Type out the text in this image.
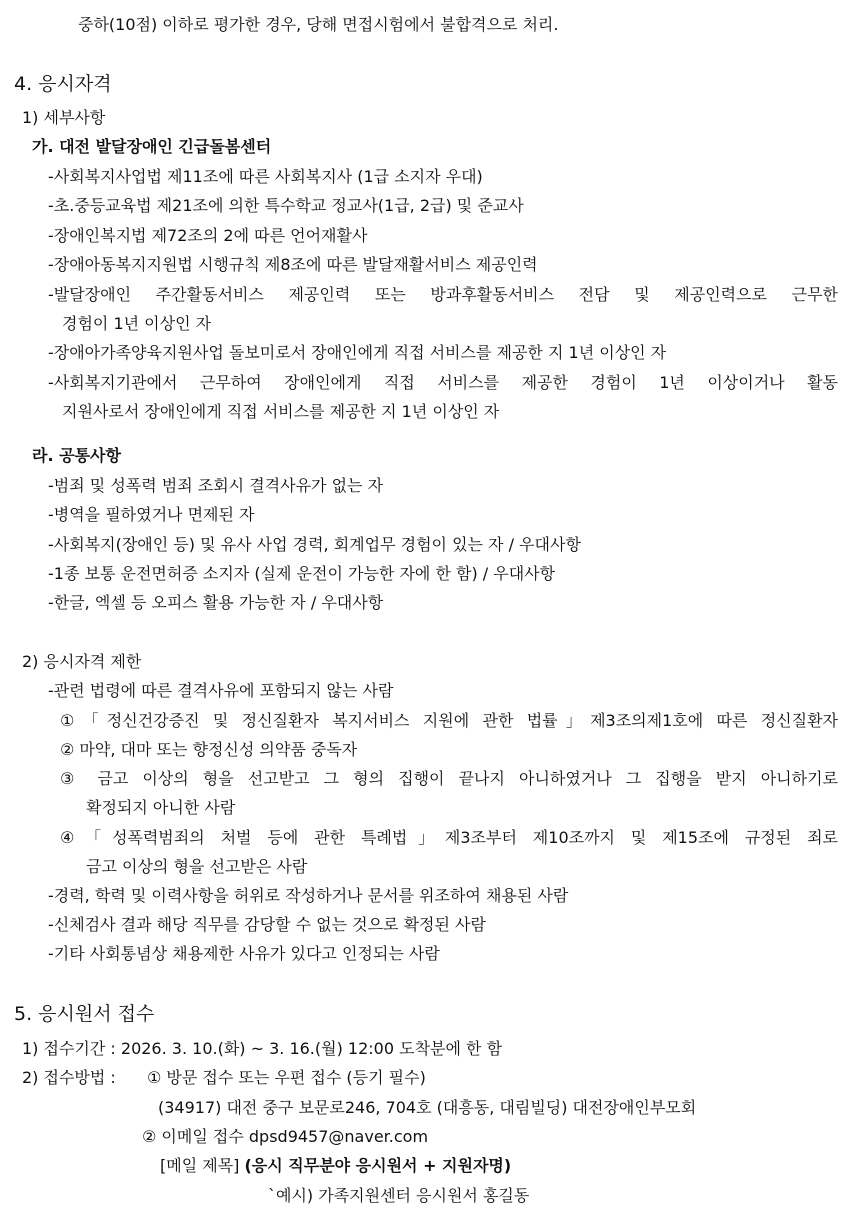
중하(10점) 이하로 평가한 경우, 당해 면접시험에서 불합격으로 처리.
4. 응시자격
1) 세부사항
가. 대전 발달장애인 긴급돌봄센터
-사회복지사업법 제11조에 따른 사회복지사 (1급 소지자 우대)
-초.중등교육법 제21조에 의한 특수학교 정교사(1급, 2급) 및 준교사
-장애인복지법 제72조의 2에 따른 언어재활사
-장애아동복지지원법 시행규칙 제8조에 따른 발달재활서비스 제공인력
-발달장애인 주간활동서비스 제공인력 또는 방과후활동서비스 전담 및 제공인력으로 근무한
경험이 1년 이상인 자
-장애아가족양육지원사업 돌보미로서 장애인에게 직접 서비스를 제공한 지 1년 이상인 자
-사회복지기관에서 근무하여 장애인에게 직접 서비스를 제공한 경험이 1년 이상이거나 활동
지원사로서 장애인에게 직접 서비스를 제공한 지 1년 이상인 자
라. 공통사항
-범죄 및 성폭력 범죄 조회시 결격사유가 없는 자
-병역을 필하였거나 면제된 자
-사회복지(장애인 등) 및 유사 사업 경력, 회계업무 경험이 있는 자 / 우대사항
-1종 보통 운전면허증 소지자 (실제 운전이 가능한 자에 한 함) / 우대사항
-한글, 엑셀 등 오피스 활용 가능한 자 / 우대사항
2) 응시자격 제한
-관련 법령에 따른 결격사유에 포함되지 않는 사람
①「정신건강증진 및 정신질환자 복지서비스 지원에 관한 법률」제3조의제1호에 따른 정신질환자
② 마약, 대마 또는 향정신성 의약품 중독자
③ 금고 이상의 형을 선고받고 그 형의 집행이 끝나지 아니하였거나 그 집행을 받지 아니하기로
확정되지 아니한 사람
④「성폭력범죄의 처벌 등에 관한 특례법」제3조부터 제10조까지 및 제15조에 규정된 죄로
금고 이상의 형을 선고받은 사람
-경력, 학력 및 이력사항을 허위로 작성하거나 문서를 위조하여 채용된 사람
-신체검사 결과 해당 직무를 감당할 수 없는 것으로 확정된 사람
-기타 사회통념상 채용제한 사유가 있다고 인정되는 사람
5. 응시원서 접수
1) 접수기간 : 2026. 3. 10.(화) ~ 3. 16.(월) 12:00 도착분에 한 함
2) 접수방법 : ① 방문 접수 또는 우편 접수 (등기 필수)
(34917) 대전 중구 보문로246, 704호 (대흥동, 대림빌딩) 대전장애인부모회
② 이메일 접수 dpsd9457@naver.com
[메일 제목] (응시 직무분야 응시원서 + 지원자명)
`예시) 가족지원센터 응시원서 홍길동
